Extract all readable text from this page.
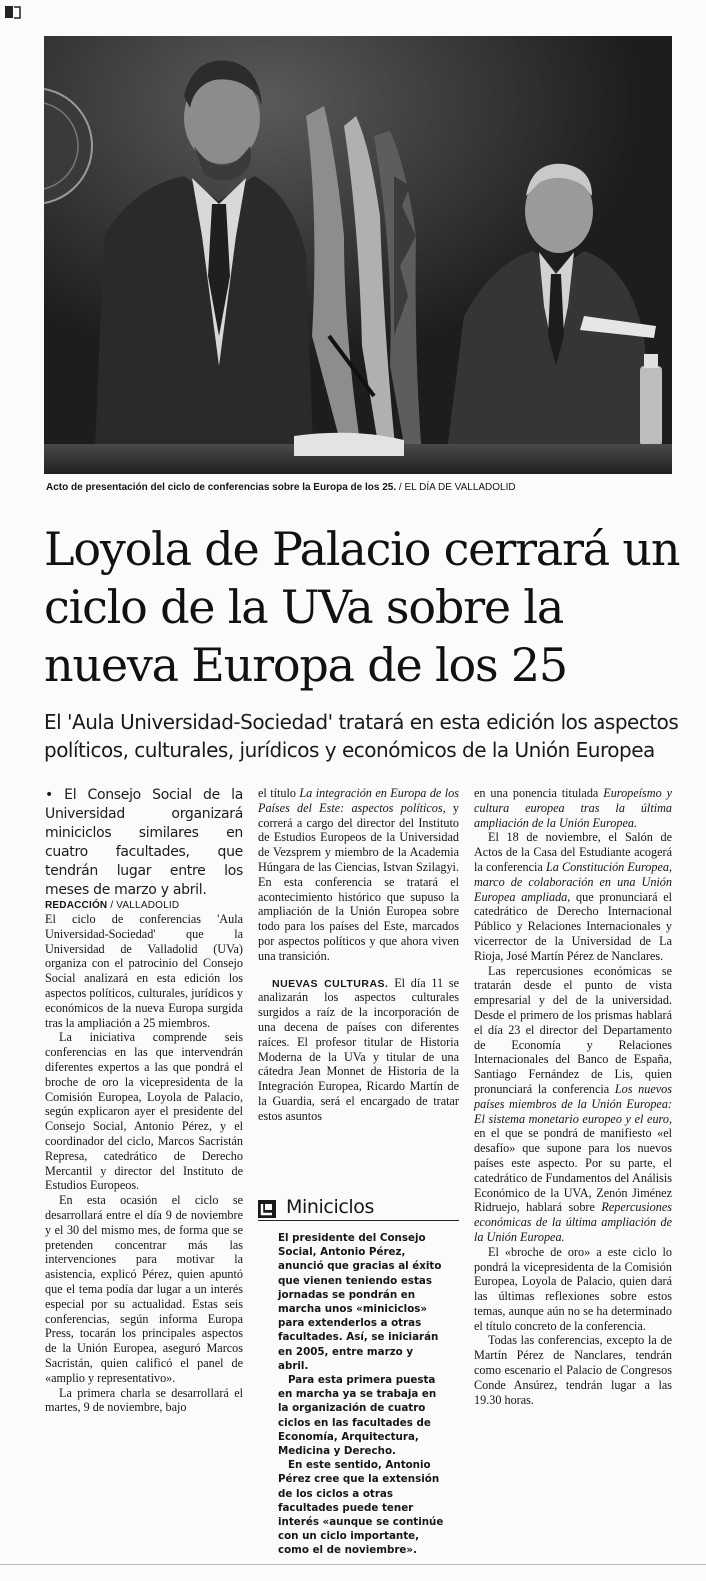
Acto de presentación del ciclo de conferencias sobre la Europa de los 25. / EL DÍA DE VALLADOLID
Loyola de Palacio cerrará un ciclo de la UVa sobre la nueva Europa de los 25

El 'Aula Universidad-Sociedad' tratará en esta edición los aspectos políticos, culturales, jurídicos y económicos de la Unión Europea

• El Consejo Social de la Universidad organizará miniciclos similares en cuatro facultades, que tendrán lugar entre los meses de marzo y abril.

REDACCIÓN / VALLADOLID

El ciclo de conferencias 'Aula Universidad-Sociedad' que la Universidad de Valladolid (UVa) organiza con el patrocinio del Consejo Social analizará en esta edición los aspectos políticos, culturales, jurídicos y económicos de la nueva Europa surgida tras la ampliación a 25 miembros.

La iniciativa comprende seis conferencias en las que intervendrán diferentes expertos a las que pondrá el broche de oro la vicepresidenta de la Comisión Europea, Loyola de Palacio, según explicaron ayer el presidente del Consejo Social, Antonio Pérez, y el coordinador del ciclo, Marcos Sacristán Represa, catedrático de Derecho Mercantil y director del Instituto de Estudios Europeos.

En esta ocasión el ciclo se desarrollará entre el día 9 de noviembre y el 30 del mismo mes, de forma que se pretenden concentrar más las intervenciones para motivar la asistencia, explicó Pérez, quien apuntó que el tema podía dar lugar a un interés especial por su actualidad. Estas seis conferencias, según informa Europa Press, tocarán los principales aspectos de la Unión Europea, aseguró Marcos Sacristán, quien calificó el panel de «amplio y representativo».

La primera charla se desarrollará el martes, 9 de noviembre, bajo

el título La integración en Europa de los Países del Este: aspectos políticos, y correrá a cargo del director del Instituto de Estudios Europeos de la Universidad de Vezsprem y miembro de la Academia Húngara de las Ciencias, Istvan Szilagyi. En esta conferencia se tratará el acontecimiento histórico que supuso la ampliación de la Unión Europea sobre todo para los países del Este, marcados por aspectos políticos y que ahora viven una transición.

NUEVAS CULTURAS. El día 11 se analizarán los aspectos culturales surgidos a raíz de la incorporación de una decena de países con diferentes raíces. El profesor titular de Historia Moderna de la UVa y titular de una cátedra Jean Monnet de Historia de la Integración Europea, Ricardo Martín de la Guardia, será el encargado de tratar estos asuntos

Miniciclos

El presidente del Consejo Social, Antonio Pérez, anunció que gracias al éxito que vienen teniendo estas jornadas se pondrán en marcha unos «miniciclos» para extenderlos a otras facultades. Así, se iniciarán en 2005, entre marzo y abril.

Para esta primera puesta en marcha ya se trabaja en la organización de cuatro ciclos en las facultades de Economía, Arquitectura, Medicina y Derecho.

En este sentido, Antonio Pérez cree que la extensión de los ciclos a otras facultades puede tener interés «aunque se continúe con un ciclo importante, como el de noviembre».

en una ponencia titulada Europeísmo y cultura europea tras la última ampliación de la Unión Europea.

El 18 de noviembre, el Salón de Actos de la Casa del Estudiante acogerá la conferencia La Constitución Europea, marco de colaboración en una Unión Europea ampliada, que pronunciará el catedrático de Derecho Internacional Público y Relaciones Internacionales y vicerrector de la Universidad de La Rioja, José Martín Pérez de Nanclares.

Las repercusiones económicas se tratarán desde el punto de vista empresarial y del de la universidad. Desde el primero de los prismas hablará el día 23 el director del Departamento de Economía y Relaciones Internacionales del Banco de España, Santiago Fernández de Lis, quien pronunciará la conferencia Los nuevos países miembros de la Unión Europea: El sistema monetario europeo y el euro, en el que se pondrá de manifiesto «el desafío» que supone para los nuevos países este aspecto. Por su parte, el catedrático de Fundamentos del Análisis Económico de la UVA, Zenón Jiménez Ridruejo, hablará sobre Repercusiones económicas de la última ampliación de la Unión Europea.

El «broche de oro» a este ciclo lo pondrá la vicepresidenta de la Comisión Europea, Loyola de Palacio, quien dará las últimas reflexiones sobre estos temas, aunque aún no se ha determinado el título concreto de la conferencia.

Todas las conferencias, excepto la de Martín Pérez de Nanclares, tendrán como escenario el Palacio de Congresos Conde Ansúrez, tendrán lugar a las 19.30 horas.
